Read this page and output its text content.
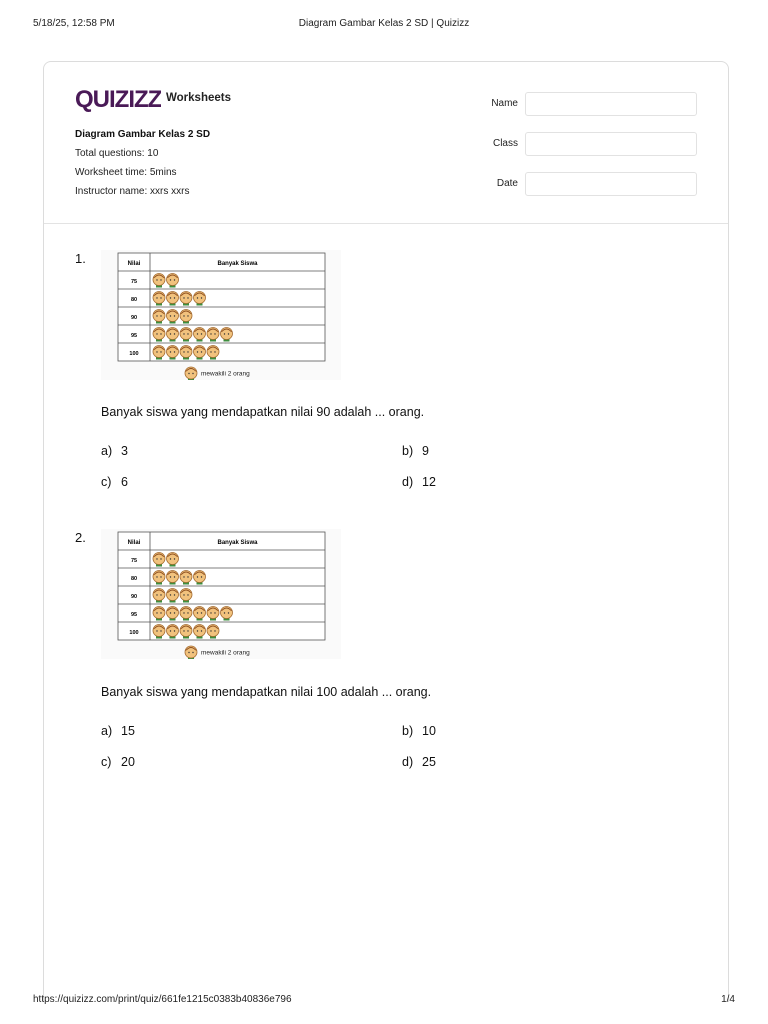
5/18/25, 12:58 PM	Diagram Gambar Kelas 2 SD | Quizizz
QUIZIZZ Worksheets
Diagram Gambar Kelas 2 SD
Total questions: 10
Worksheet time: 5mins
Instructor name: xxrs xxrs
Name
Class
Date
1.	Nilai	Banyak Siswa
75
80
90
95
100
mewakili 2 orang
Banyak siswa yang mendapatkan nilai 90 adalah ... orang.
a) 3	b) 9
c) 6	d) 12
2.	Nilai	Banyak Siswa
75
80
90
95
100
mewakili 2 orang
Banyak siswa yang mendapatkan nilai 100 adalah ... orang.
a) 15	b) 10
c) 20	d) 25
https://quizizz.com/print/quiz/661fe1215c0383b40836e796	1/4
